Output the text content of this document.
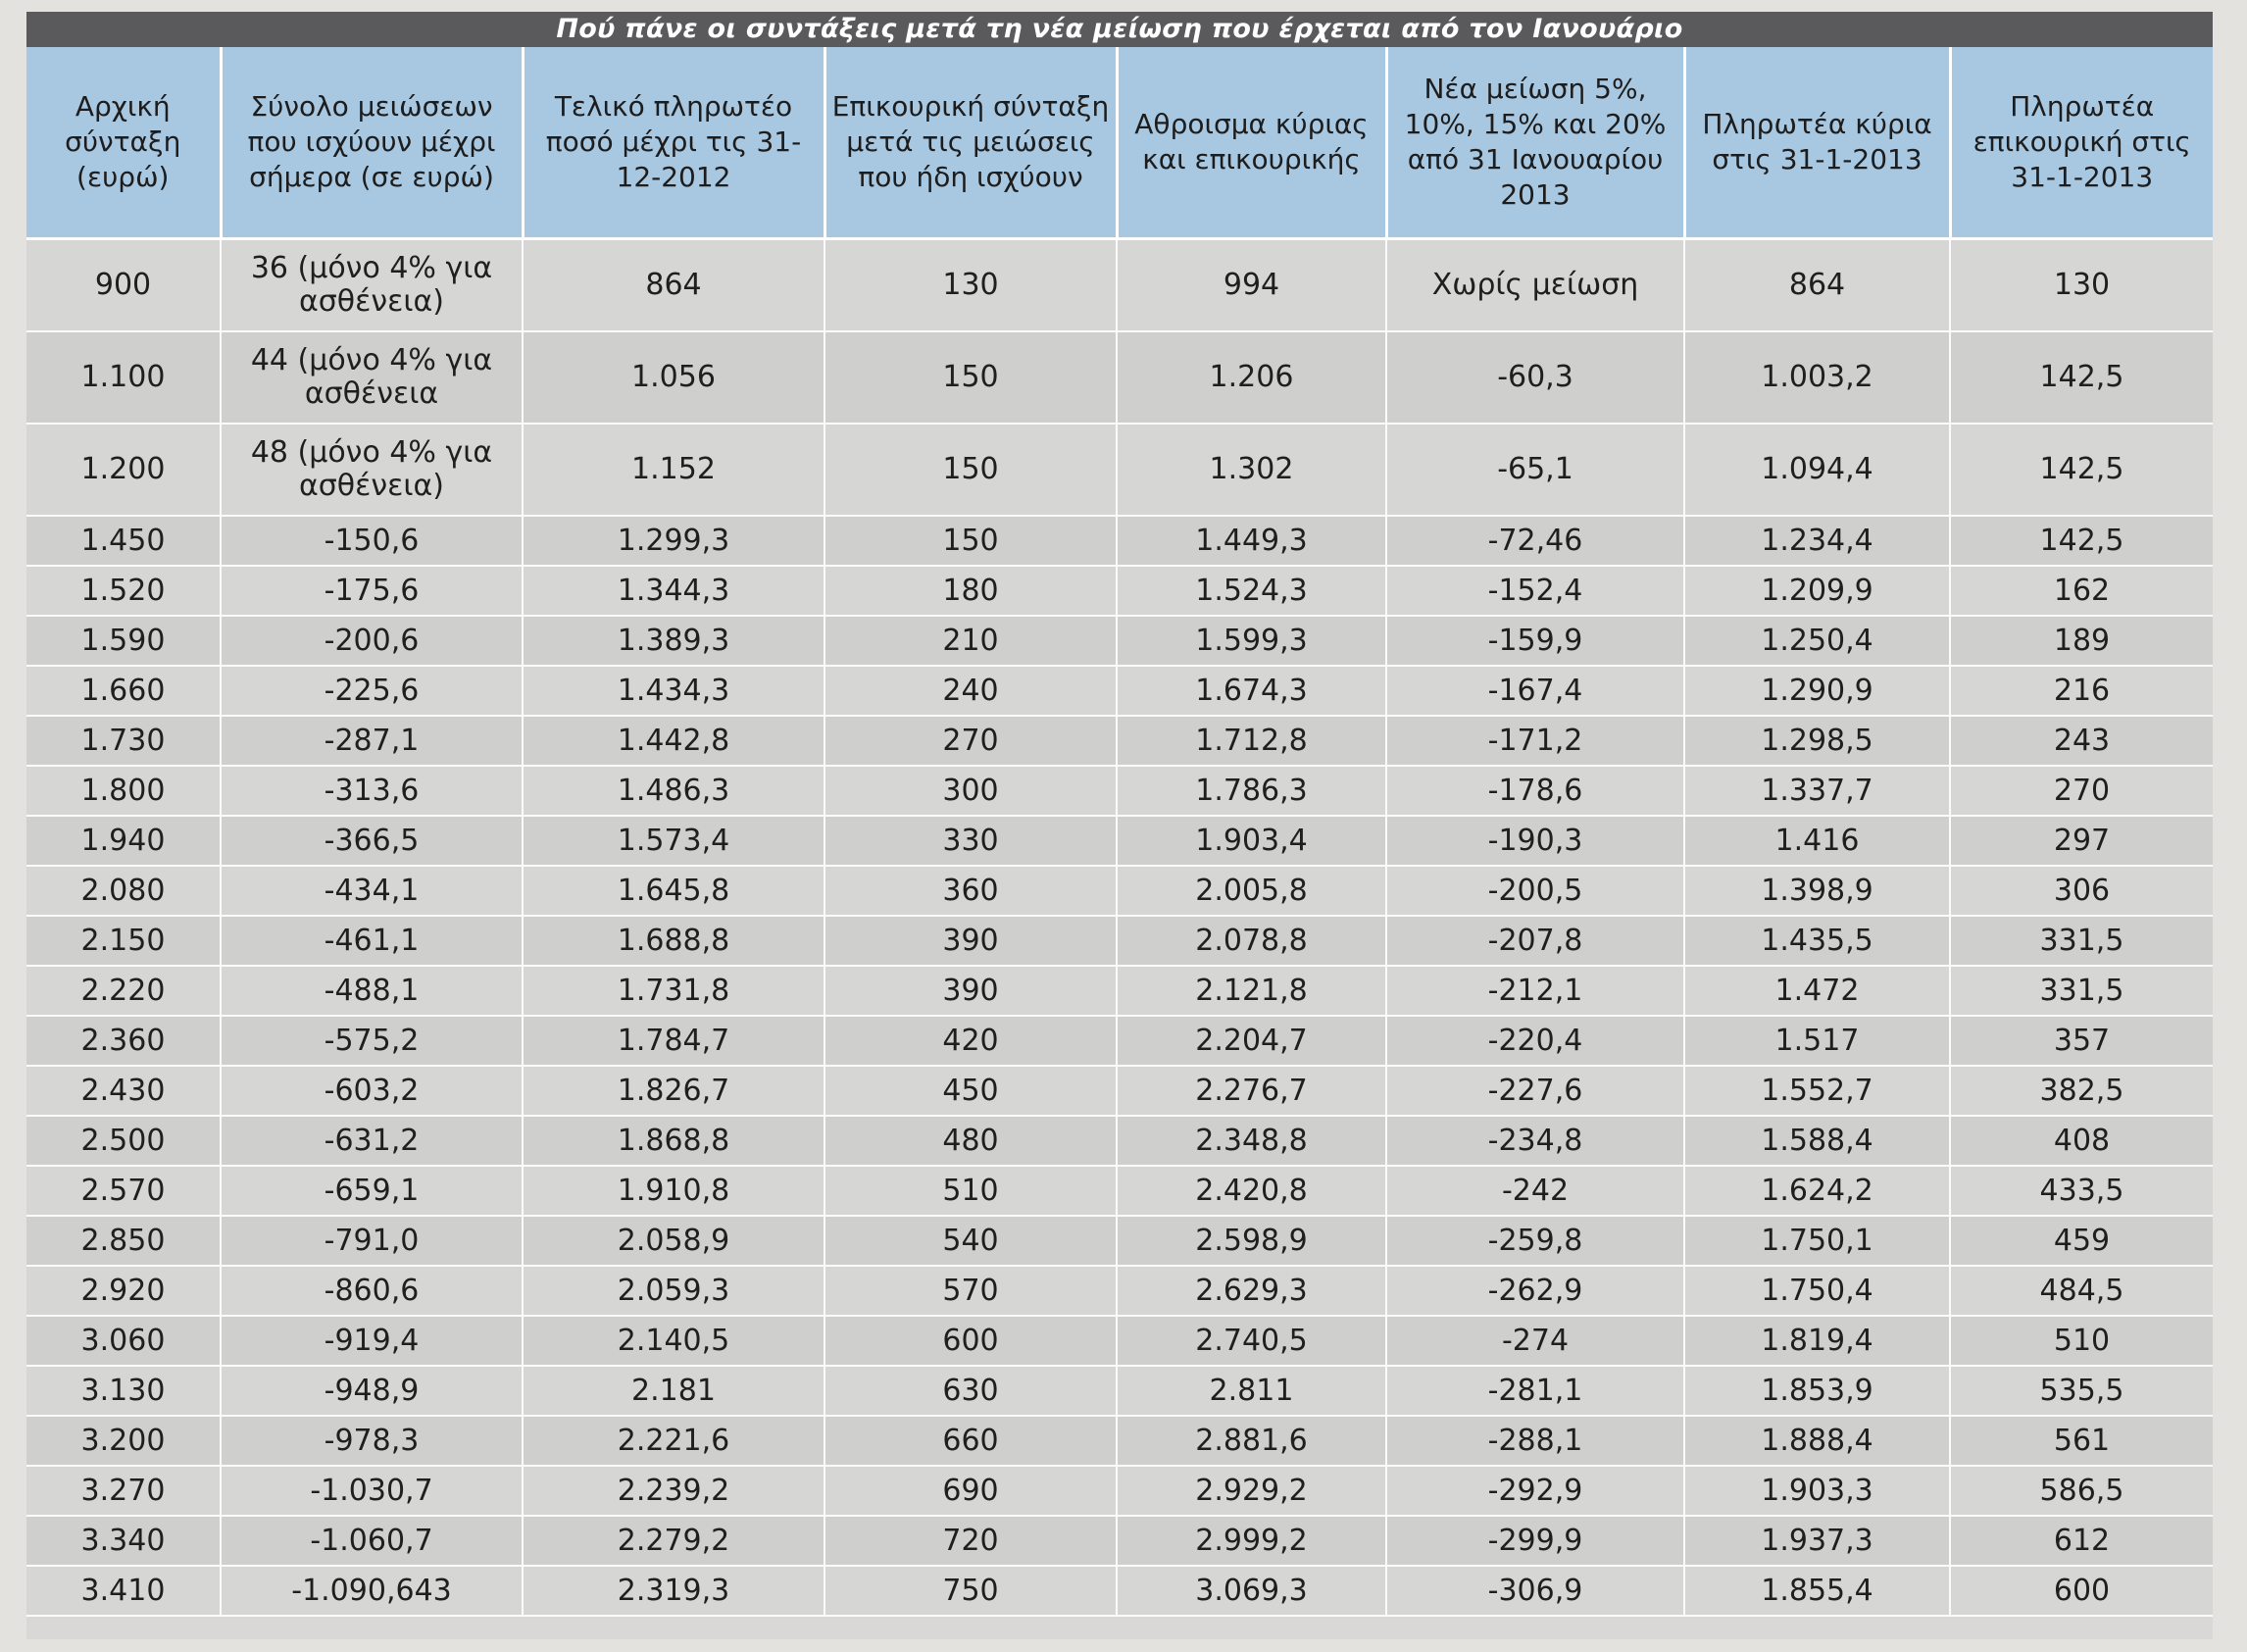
Πού πάνε οι συντάξεις μετά τη νέα μείωση που έρχεται από τον Ιανουάριο
Αρχική σύνταξη (ευρώ)	Σύνολο μειώσεων που ισχύουν μέχρι σήμερα (σε ευρώ)	Τελικό πληρωτέο ποσό μέχρι τις 31-12-2012	Επικουρική σύνταξη μετά τις μειώσεις που ήδη ισχύουν	Αθροισμα κύριας και επικουρικής	Νέα μείωση 5%, 10%, 15% και 20% από 31 Ιανουαρίου 2013	Πληρωτέα κύρια στις 31-1-2013	Πληρωτέα επικουρική στις 31-1-2013
900	36 (μόνο 4% για ασθένεια)	864	130	994	Χωρίς μείωση	864	130
1.100	44 (μόνο 4% για ασθένεια	1.056	150	1.206	-60,3	1.003,2	142,5
1.200	48 (μόνο 4% για ασθένεια)	1.152	150	1.302	-65,1	1.094,4	142,5
1.450	-150,6	1.299,3	150	1.449,3	-72,46	1.234,4	142,5
1.520	-175,6	1.344,3	180	1.524,3	-152,4	1.209,9	162
1.590	-200,6	1.389,3	210	1.599,3	-159,9	1.250,4	189
1.660	-225,6	1.434,3	240	1.674,3	-167,4	1.290,9	216
1.730	-287,1	1.442,8	270	1.712,8	-171,2	1.298,5	243
1.800	-313,6	1.486,3	300	1.786,3	-178,6	1.337,7	270
1.940	-366,5	1.573,4	330	1.903,4	-190,3	1.416	297
2.080	-434,1	1.645,8	360	2.005,8	-200,5	1.398,9	306
2.150	-461,1	1.688,8	390	2.078,8	-207,8	1.435,5	331,5
2.220	-488,1	1.731,8	390	2.121,8	-212,1	1.472	331,5
2.360	-575,2	1.784,7	420	2.204,7	-220,4	1.517	357
2.430	-603,2	1.826,7	450	2.276,7	-227,6	1.552,7	382,5
2.500	-631,2	1.868,8	480	2.348,8	-234,8	1.588,4	408
2.570	-659,1	1.910,8	510	2.420,8	-242	1.624,2	433,5
2.850	-791,0	2.058,9	540	2.598,9	-259,8	1.750,1	459
2.920	-860,6	2.059,3	570	2.629,3	-262,9	1.750,4	484,5
3.060	-919,4	2.140,5	600	2.740,5	-274	1.819,4	510
3.130	-948,9	2.181	630	2.811	-281,1	1.853,9	535,5
3.200	-978,3	2.221,6	660	2.881,6	-288,1	1.888,4	561
3.270	-1.030,7	2.239,2	690	2.929,2	-292,9	1.903,3	586,5
3.340	-1.060,7	2.279,2	720	2.999,2	-299,9	1.937,3	612
3.410	-1.090,643	2.319,3	750	3.069,3	-306,9	1.855,4	600
